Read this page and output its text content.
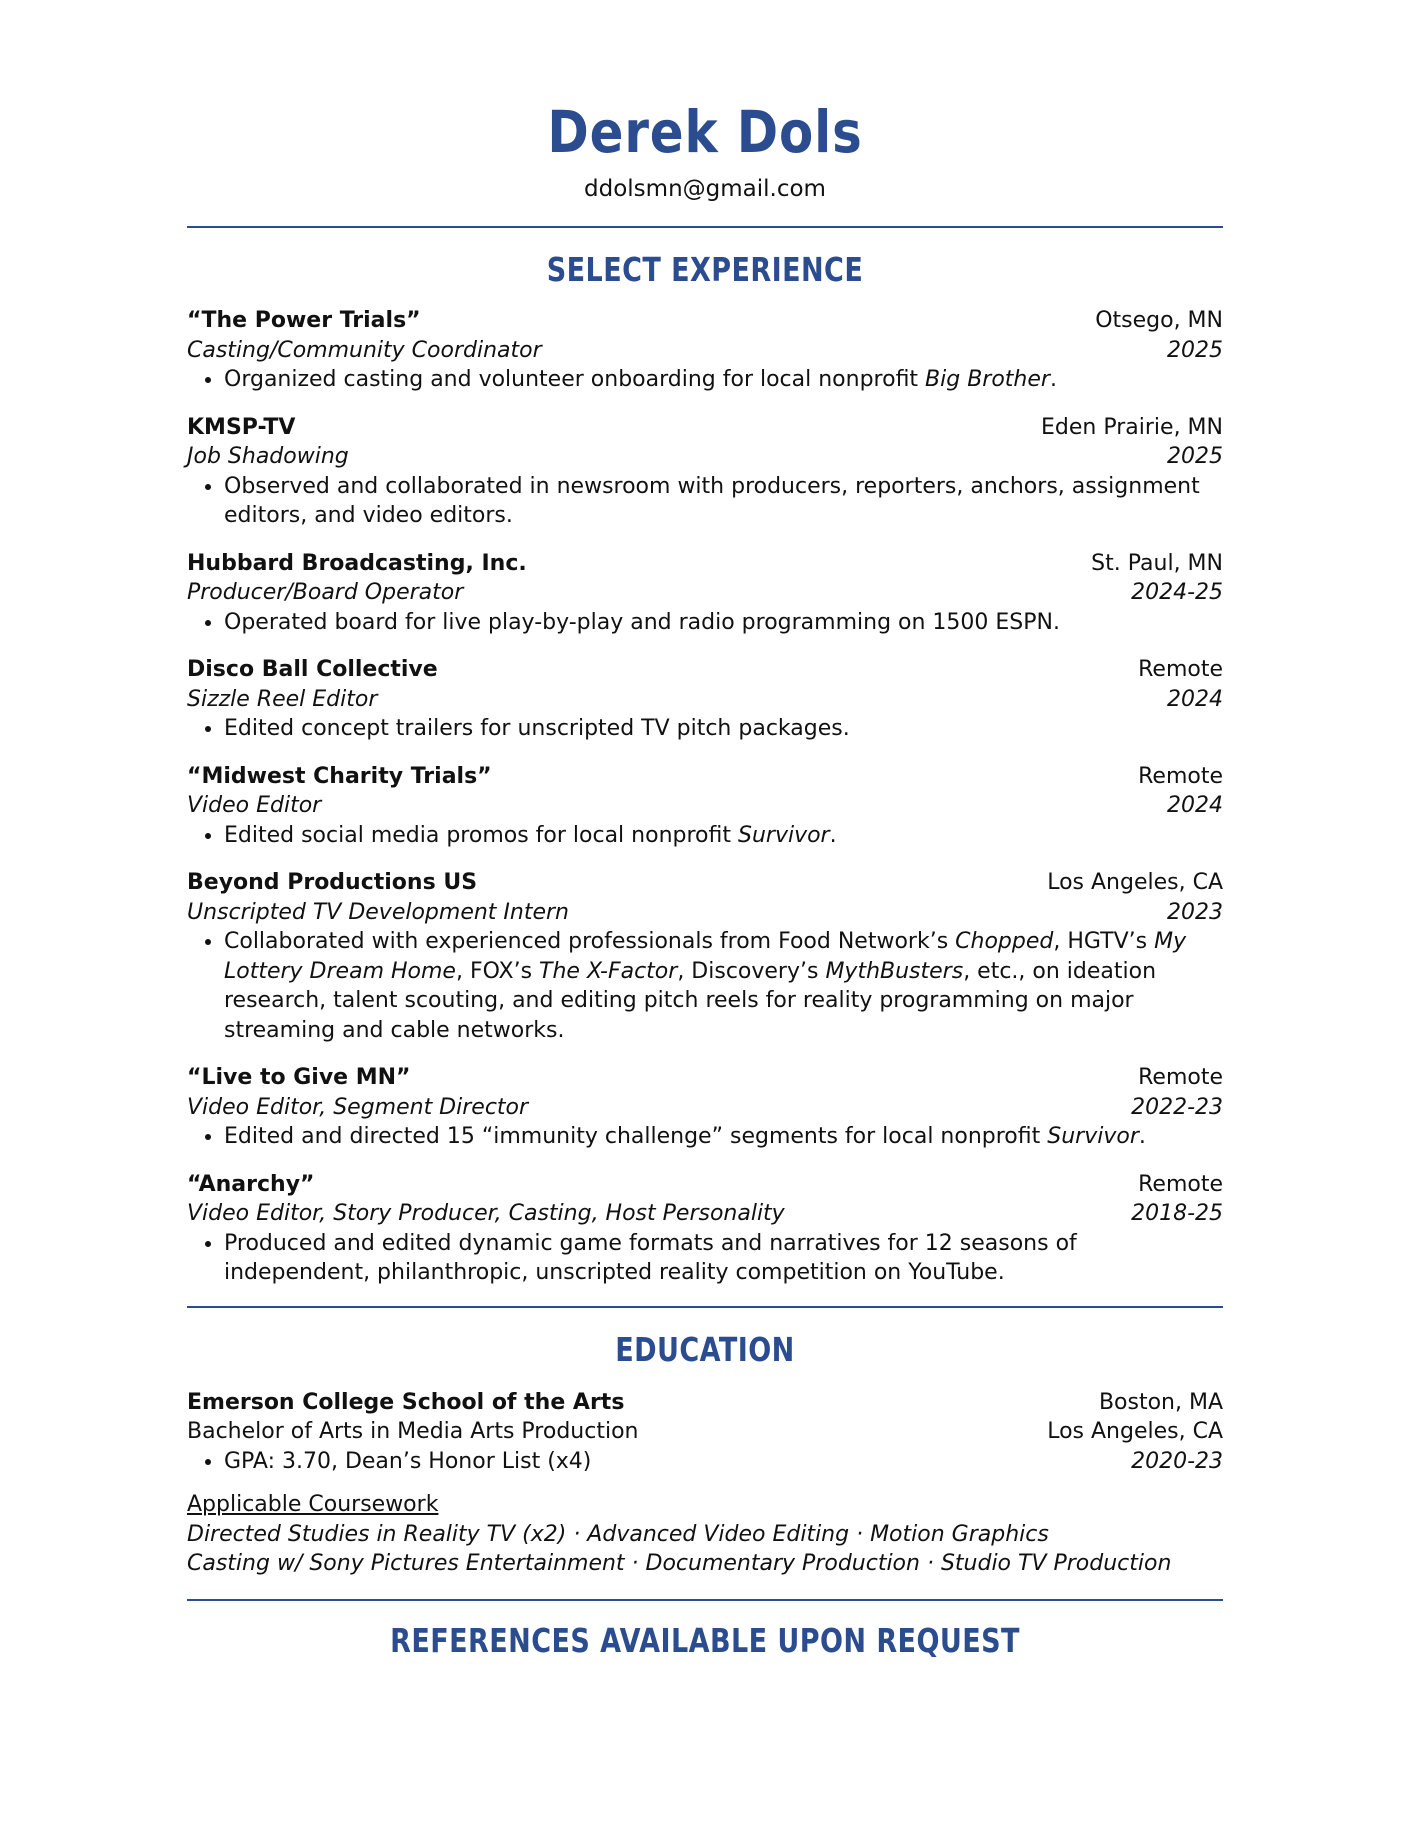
Derek Dols
ddolsmn@gmail.com
SELECT EXPERIENCE
“The Power Trials”	Otsego, MN
Casting/Community Coordinator	2025
• Organized casting and volunteer onboarding for local nonprofit Big Brother.
KMSP-TV	Eden Prairie, MN
Job Shadowing	2025
• Observed and collaborated in newsroom with producers, reporters, anchors, assignment editors, and video editors.
Hubbard Broadcasting, Inc.	St. Paul, MN
Producer/Board Operator	2024-25
• Operated board for live play-by-play and radio programming on 1500 ESPN.
Disco Ball Collective	Remote
Sizzle Reel Editor	2024
• Edited concept trailers for unscripted TV pitch packages.
“Midwest Charity Trials”	Remote
Video Editor	2024
• Edited social media promos for local nonprofit Survivor.
Beyond Productions US	Los Angeles, CA
Unscripted TV Development Intern	2023
• Collaborated with experienced professionals from Food Network’s Chopped, HGTV’s My Lottery Dream Home, FOX’s The X-Factor, Discovery’s MythBusters, etc., on ideation research, talent scouting, and editing pitch reels for reality programming on major streaming and cable networks.
“Live to Give MN”	Remote
Video Editor, Segment Director	2022-23
• Edited and directed 15 “immunity challenge” segments for local nonprofit Survivor.
“Anarchy”	Remote
Video Editor, Story Producer, Casting, Host Personality	2018-25
• Produced and edited dynamic game formats and narratives for 12 seasons of independent, philanthropic, unscripted reality competition on YouTube.
EDUCATION
Emerson College School of the Arts	Boston, MA
Bachelor of Arts in Media Arts Production	Los Angeles, CA
• GPA: 3.70, Dean’s Honor List (x4)	2020-23
Applicable Coursework
Directed Studies in Reality TV (x2) · Advanced Video Editing · Motion Graphics
Casting w/ Sony Pictures Entertainment · Documentary Production · Studio TV Production
REFERENCES AVAILABLE UPON REQUEST
